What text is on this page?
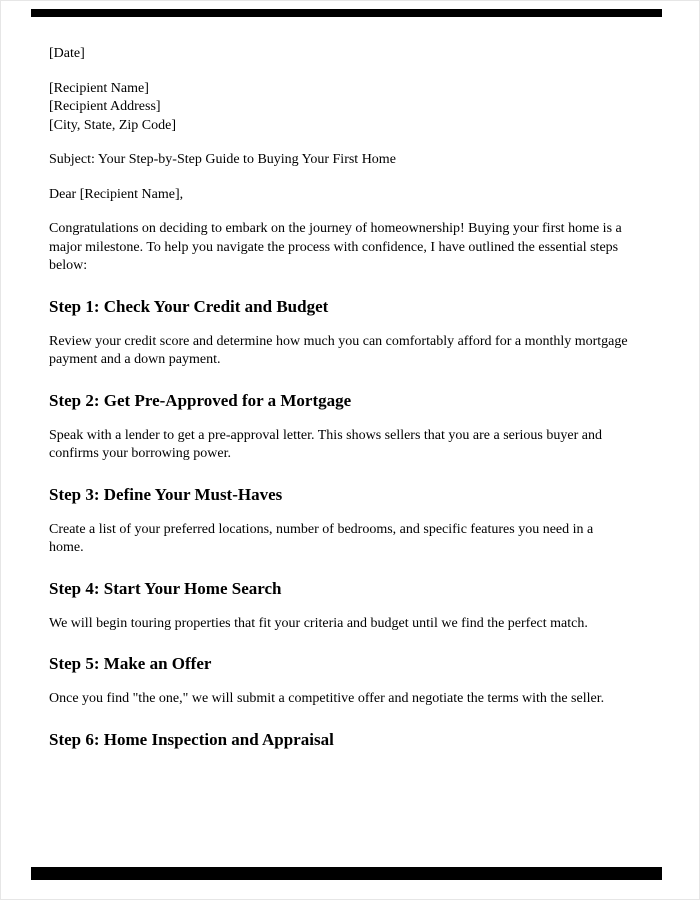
[Date]

[Recipient Name]

[Recipient Address]

[City, State, Zip Code]

Subject: Your Step-by-Step Guide to Buying Your First Home

Dear [Recipient Name],

Congratulations on deciding to embark on the journey of homeownership! Buying your first home is a major milestone. To help you navigate the process with confidence, I have outlined the essential steps below:

Step 1: Check Your Credit and Budget

Review your credit score and determine how much you can comfortably afford for a monthly mortgage payment and a down payment.

Step 2: Get Pre-Approved for a Mortgage

Speak with a lender to get a pre-approval letter. This shows sellers that you are a serious buyer and confirms your borrowing power.

Step 3: Define Your Must-Haves

Create a list of your preferred locations, number of bedrooms, and specific features you need in a home.

Step 4: Start Your Home Search

We will begin touring properties that fit your criteria and budget until we find the perfect match.

Step 5: Make an Offer

Once you find "the one," we will submit a competitive offer and negotiate the terms with the seller.

Step 6: Home Inspection and Appraisal
